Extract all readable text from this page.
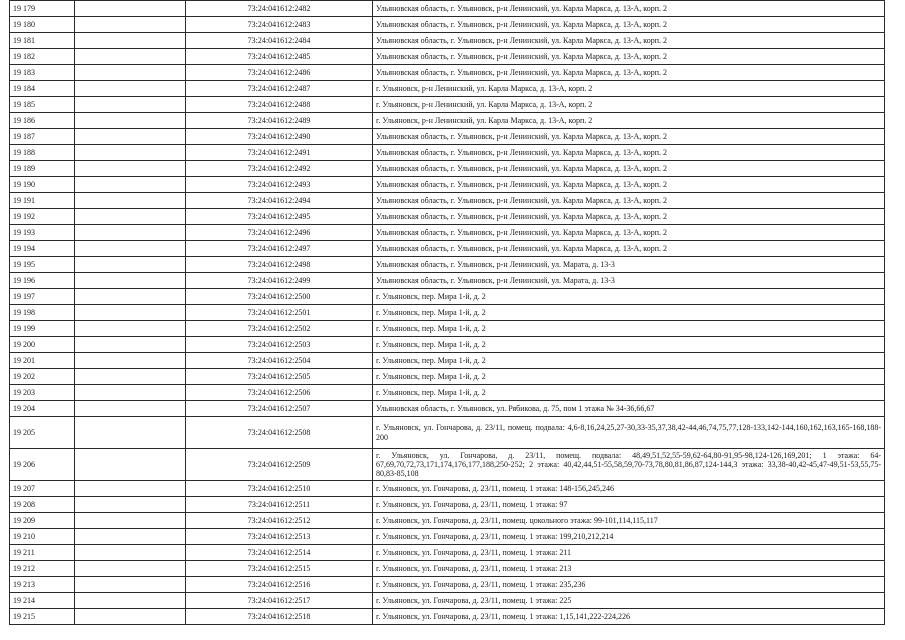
19 179		73:24:041612:2482	Ульяновская область, г. Ульяновск, р-н Ленинский, ул. Карла Маркса, д. 13-А, корп. 2
19 180		73:24:041612:2483	Ульяновская область, г. Ульяновск, р-н Ленинский, ул. Карла Маркса, д. 13-А, корп. 2
19 181		73:24:041612:2484	Ульяновская область, г. Ульяновск, р-н Ленинский, ул. Карла Маркса, д. 13-А, корп. 2
19 182		73:24:041612:2485	Ульяновская область, г. Ульяновск, р-н Ленинский, ул. Карла Маркса, д. 13-А, корп. 2
19 183		73:24:041612:2486	Ульяновская область, г. Ульяновск, р-н Ленинский, ул. Карла Маркса, д. 13-А, корп. 2
19 184		73:24:041612:2487	г. Ульяновск, р-н Ленинский, ул. Карла Маркса, д. 13-А, корп. 2
19 185		73:24:041612:2488	г. Ульяновск, р-н Ленинский, ул. Карла Маркса, д. 13-А, корп. 2
19 186		73:24:041612:2489	г. Ульяновск, р-н Ленинский, ул. Карла Маркса, д. 13-А, корп. 2
19 187		73:24:041612:2490	Ульяновская область, г. Ульяновск, р-н Ленинский, ул. Карла Маркса, д. 13-А, корп. 2
19 188		73:24:041612:2491	Ульяновская область, г. Ульяновск, р-н Ленинский, ул. Карла Маркса, д. 13-А, корп. 2
19 189		73:24:041612:2492	Ульяновская область, г. Ульяновск, р-н Ленинский, ул. Карла Маркса, д. 13-А, корп. 2
19 190		73:24:041612:2493	Ульяновская область, г. Ульяновск, р-н Ленинский, ул. Карла Маркса, д. 13-А, корп. 2
19 191		73:24:041612:2494	Ульяновская область, г. Ульяновск, р-н Ленинский, ул. Карла Маркса, д. 13-А, корп. 2
19 192		73:24:041612:2495	Ульяновская область, г. Ульяновск, р-н Ленинский, ул. Карла Маркса, д. 13-А, корп. 2
19 193		73:24:041612:2496	Ульяновская область, г. Ульяновск, р-н Ленинский, ул. Карла Маркса, д. 13-А, корп. 2
19 194		73:24:041612:2497	Ульяновская область, г. Ульяновск, р-н Ленинский, ул. Карла Маркса, д. 13-А, корп. 2
19 195		73:24:041612:2498	Ульяновская область, г. Ульяновск, р-н Ленинский, ул. Марата, д. 13-3
19 196		73:24:041612:2499	Ульяновская область, г. Ульяновск, р-н Ленинский, ул. Марата, д. 13-3
19 197		73:24:041612:2500	г. Ульяновск, пер. Мира 1-й, д. 2
19 198		73:24:041612:2501	г. Ульяновск, пер. Мира 1-й, д. 2
19 199		73:24:041612:2502	г. Ульяновск, пер. Мира 1-й, д. 2
19 200		73:24:041612:2503	г. Ульяновск, пер. Мира 1-й, д. 2
19 201		73:24:041612:2504	г. Ульяновск, пер. Мира 1-й, д. 2
19 202		73:24:041612:2505	г. Ульяновск, пер. Мира 1-й, д. 2
19 203		73:24:041612:2506	г. Ульяновск, пер. Мира 1-й, д. 2
19 204		73:24:041612:2507	Ульяновская область, г. Ульяновск, ул. Рябикова, д. 75, пом 1 этажа № 34-36,66,67
19 205		73:24:041612:2508	г. Ульяновск, ул. Гончарова, д. 23/11, помещ. подвала: 4,6-8,16,24,25,27-30,33-35,37,38,42-44,46,74,75,77,128-133,142-144,160,162,163,165-168,188-200
19 206		73:24:041612:2509	г. Ульяновск, ул. Гончарова, д. 23/11, помещ. подвала: 48,49,51,52,55-59,62-64,80-91,95-98,124-126,169,201; 1 этажа: 64-67,69,70,72,73,171,174,176,177,188,250-252; 2 этажа: 40,42,44,51-55,58,59,70-73,78,80,81,86,87,124-144,3 этажа: 33,38-40,42-45,47-49,51-53,55,75-80,83-85,108
19 207		73:24:041612:2510	г. Ульяновск, ул. Гончарова, д. 23/11, помещ. 1 этажа: 148-156,245,246
19 208		73:24:041612:2511	г. Ульяновск, ул. Гончарова, д. 23/11, помещ. 1 этажа: 97
19 209		73:24:041612:2512	г. Ульяновск, ул. Гончарова, д. 23/11, помещ. цокольного этажа: 99-101,114,115,117
19 210		73:24:041612:2513	г. Ульяновск, ул. Гончарова, д. 23/11, помещ. 1 этажа: 199,210,212,214
19 211		73:24:041612:2514	г. Ульяновск, ул. Гончарова, д. 23/11, помещ. 1 этажа: 211
19 212		73:24:041612:2515	г. Ульяновск, ул. Гончарова, д. 23/11, помещ. 1 этажа: 213
19 213		73:24:041612:2516	г. Ульяновск, ул. Гончарова, д. 23/11, помещ. 1 этажа: 235,236
19 214		73:24:041612:2517	г. Ульяновск, ул. Гончарова, д. 23/11, помещ. 1 этажа: 225
19 215		73:24:041612:2518	г. Ульяновск, ул. Гончарова, д. 23/11, помещ. 1 этажа: 1,15,141,222-224,226
